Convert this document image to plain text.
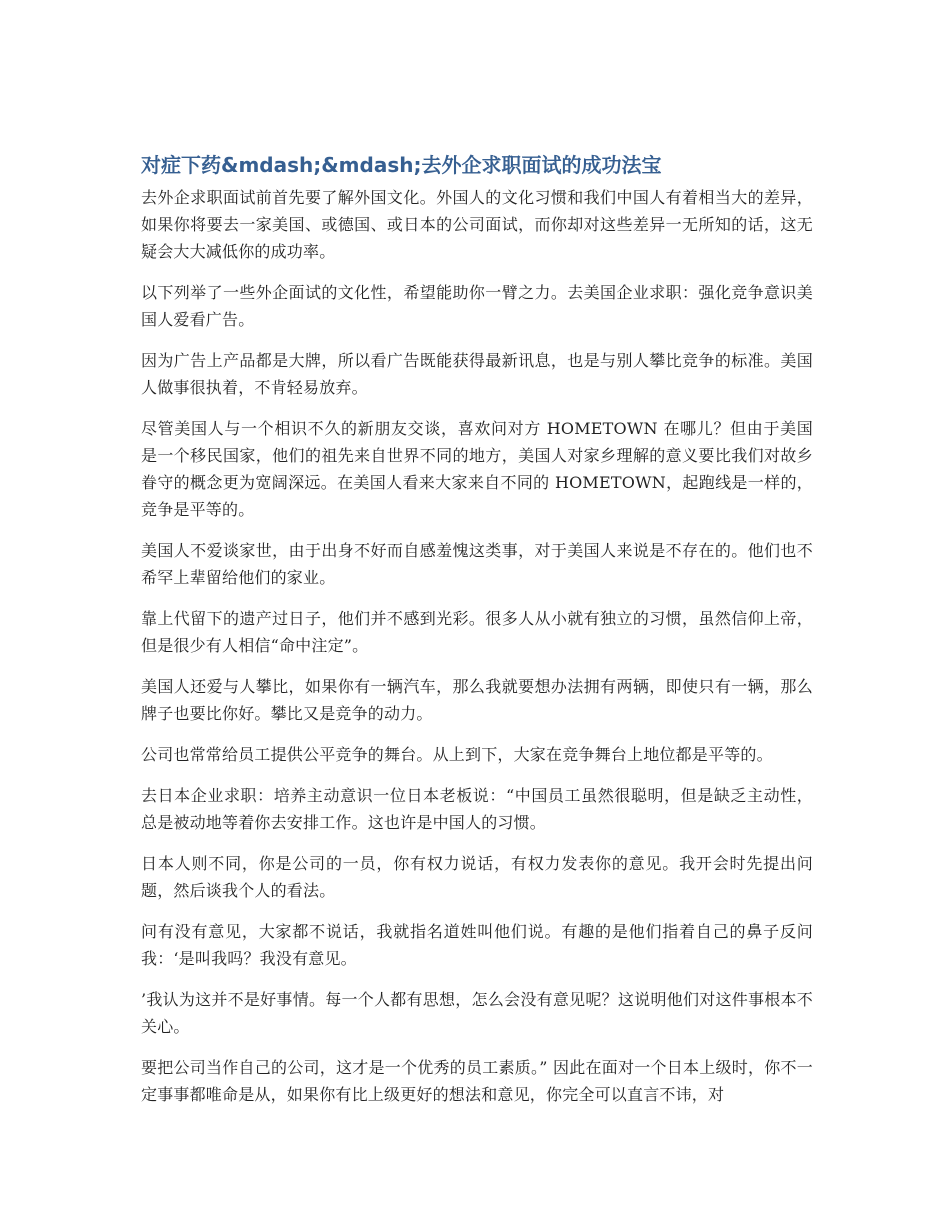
对症下药&mdash;&mdash;去外企求职面试的成功法宝

去外企求职面试前首先要了解外国文化。外国人的文化习惯和我们中国人有着相当大的差异，如果你将要去一家美国、或德国、或日本的公司面试，而你却对这些差异一无所知的话，这无疑会大大减低你的成功率。

以下列举了一些外企面试的文化性，希望能助你一臂之力。去美国企业求职：强化竞争意识美国人爱看广告。

因为广告上产品都是大牌，所以看广告既能获得最新讯息，也是与别人攀比竞争的标准。美国人做事很执着，不肯轻易放弃。

尽管美国人与一个相识不久的新朋友交谈，喜欢问对方 HOMETOWN 在哪儿？但由于美国是一个移民国家，他们的祖先来自世界不同的地方，美国人对家乡理解的意义要比我们对故乡眷守的概念更为宽阔深远。在美国人看来大家来自不同的 HOMETOWN，起跑线是一样的，竞争是平等的。

美国人不爱谈家世，由于出身不好而自感羞愧这类事，对于美国人来说是不存在的。他们也不希罕上辈留给他们的家业。

靠上代留下的遗产过日子，他们并不感到光彩。很多人从小就有独立的习惯，虽然信仰上帝，但是很少有人相信“命中注定”。

美国人还爱与人攀比，如果你有一辆汽车，那么我就要想办法拥有两辆，即使只有一辆，那么牌子也要比你好。攀比又是竞争的动力。

公司也常常给员工提供公平竞争的舞台。从上到下，大家在竞争舞台上地位都是平等的。

去日本企业求职：培养主动意识一位日本老板说：“中国员工虽然很聪明，但是缺乏主动性，总是被动地等着你去安排工作。这也许是中国人的习惯。

日本人则不同，你是公司的一员，你有权力说话，有权力发表你的意见。我开会时先提出问题，然后谈我个人的看法。

问有没有意见，大家都不说话，我就指名道姓叫他们说。有趣的是他们指着自己的鼻子反问我：‘是叫我吗？我没有意见。

’我认为这并不是好事情。每一个人都有思想，怎么会没有意见呢？这说明他们对这件事根本不关心。

要把公司当作自己的公司，这才是一个优秀的员工素质。” 因此在面对一个日本上级时，你不一定事事都唯命是从，如果你有比上级更好的想法和意见，你完全可以直言不讳，对
